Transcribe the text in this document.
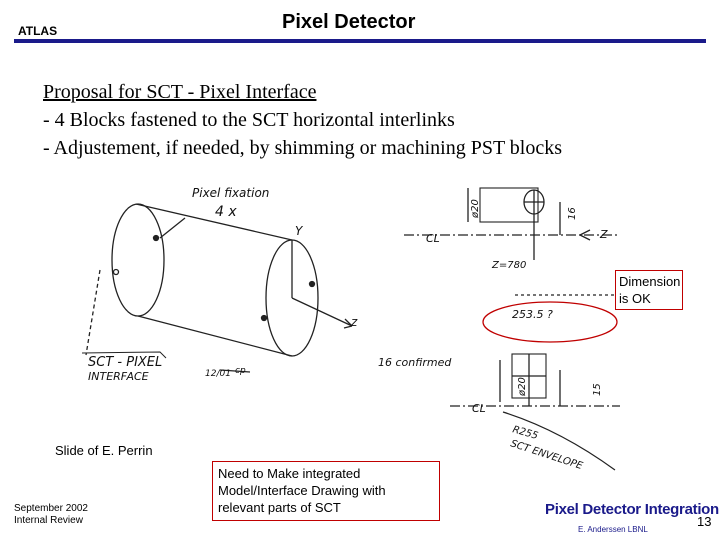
ATLAS	Pixel Detector
Proposal for SCT - Pixel Interface
- 4 Blocks fastened to the SCT horizontal interlinks
- Adjustement, if needed, by shimming or machining PST blocks
Pixel fixation
4 x
Y
z
SCT - PIXEL
INTERFACE	12/01 cp
ø20	16
CL	Z
Z=780
253.5 ?
16 confirmed
ø20	15
CL
R255
SCT ENVELOPE
Dimension is OK
Slide of E. Perrin
Need to Make integrated Model/Interface Drawing with relevant parts of SCT
September 2002
Internal Review
Pixel Detector Integration
E. Anderssen LBNL
13
